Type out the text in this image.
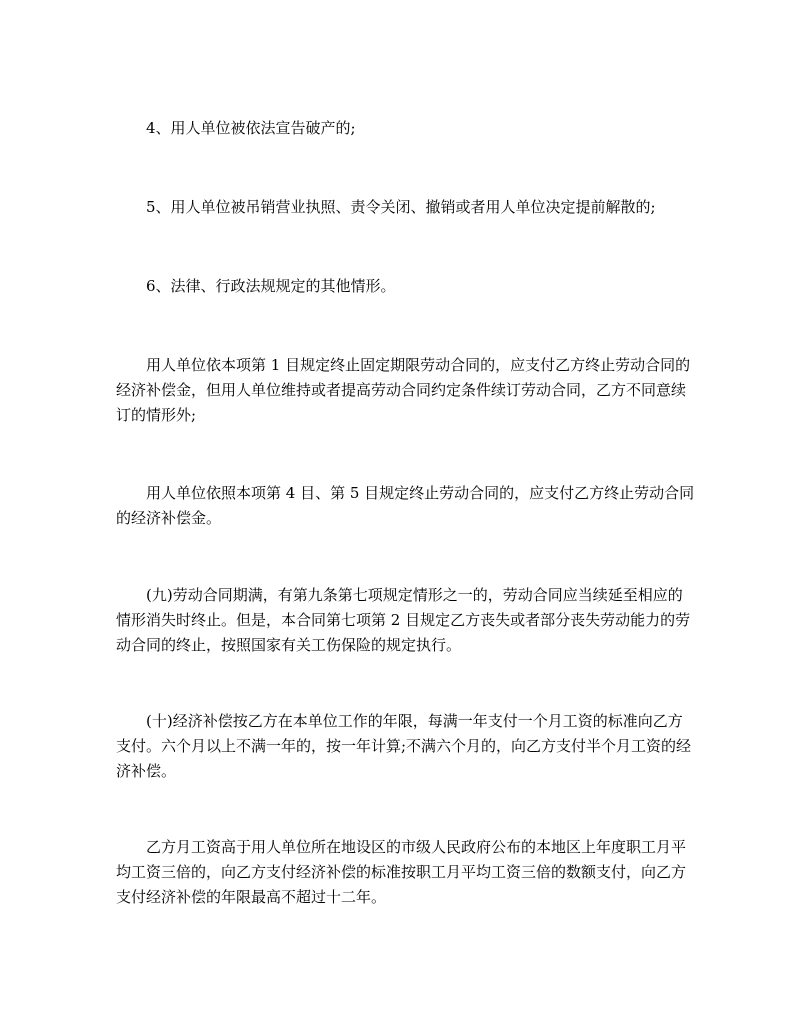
4、用人单位被依法宣告破产的;

5、用人单位被吊销营业执照、责令关闭、撤销或者用人单位决定提前解散的;

6、法律、行政法规规定的其他情形。

用人单位依本项第 1 目规定终止固定期限劳动合同的，应支付乙方终止劳动合同的经济补偿金，但用人单位维持或者提高劳动合同约定条件续订劳动合同，乙方不同意续订的情形外;

用人单位依照本项第 4 目、第 5 目规定终止劳动合同的，应支付乙方终止劳动合同的经济补偿金。

(九)劳动合同期满，有第九条第七项规定情形之一的，劳动合同应当续延至相应的情形消失时终止。但是，本合同第七项第 2 目规定乙方丧失或者部分丧失劳动能力的劳动合同的终止，按照国家有关工伤保险的规定执行。

(十)经济补偿按乙方在本单位工作的年限，每满一年支付一个月工资的标准向乙方支付。六个月以上不满一年的，按一年计算;不满六个月的，向乙方支付半个月工资的经济补偿。

乙方月工资高于用人单位所在地设区的市级人民政府公布的本地区上年度职工月平均工资三倍的，向乙方支付经济补偿的标准按职工月平均工资三倍的数额支付，向乙方支付经济补偿的年限最高不超过十二年。
